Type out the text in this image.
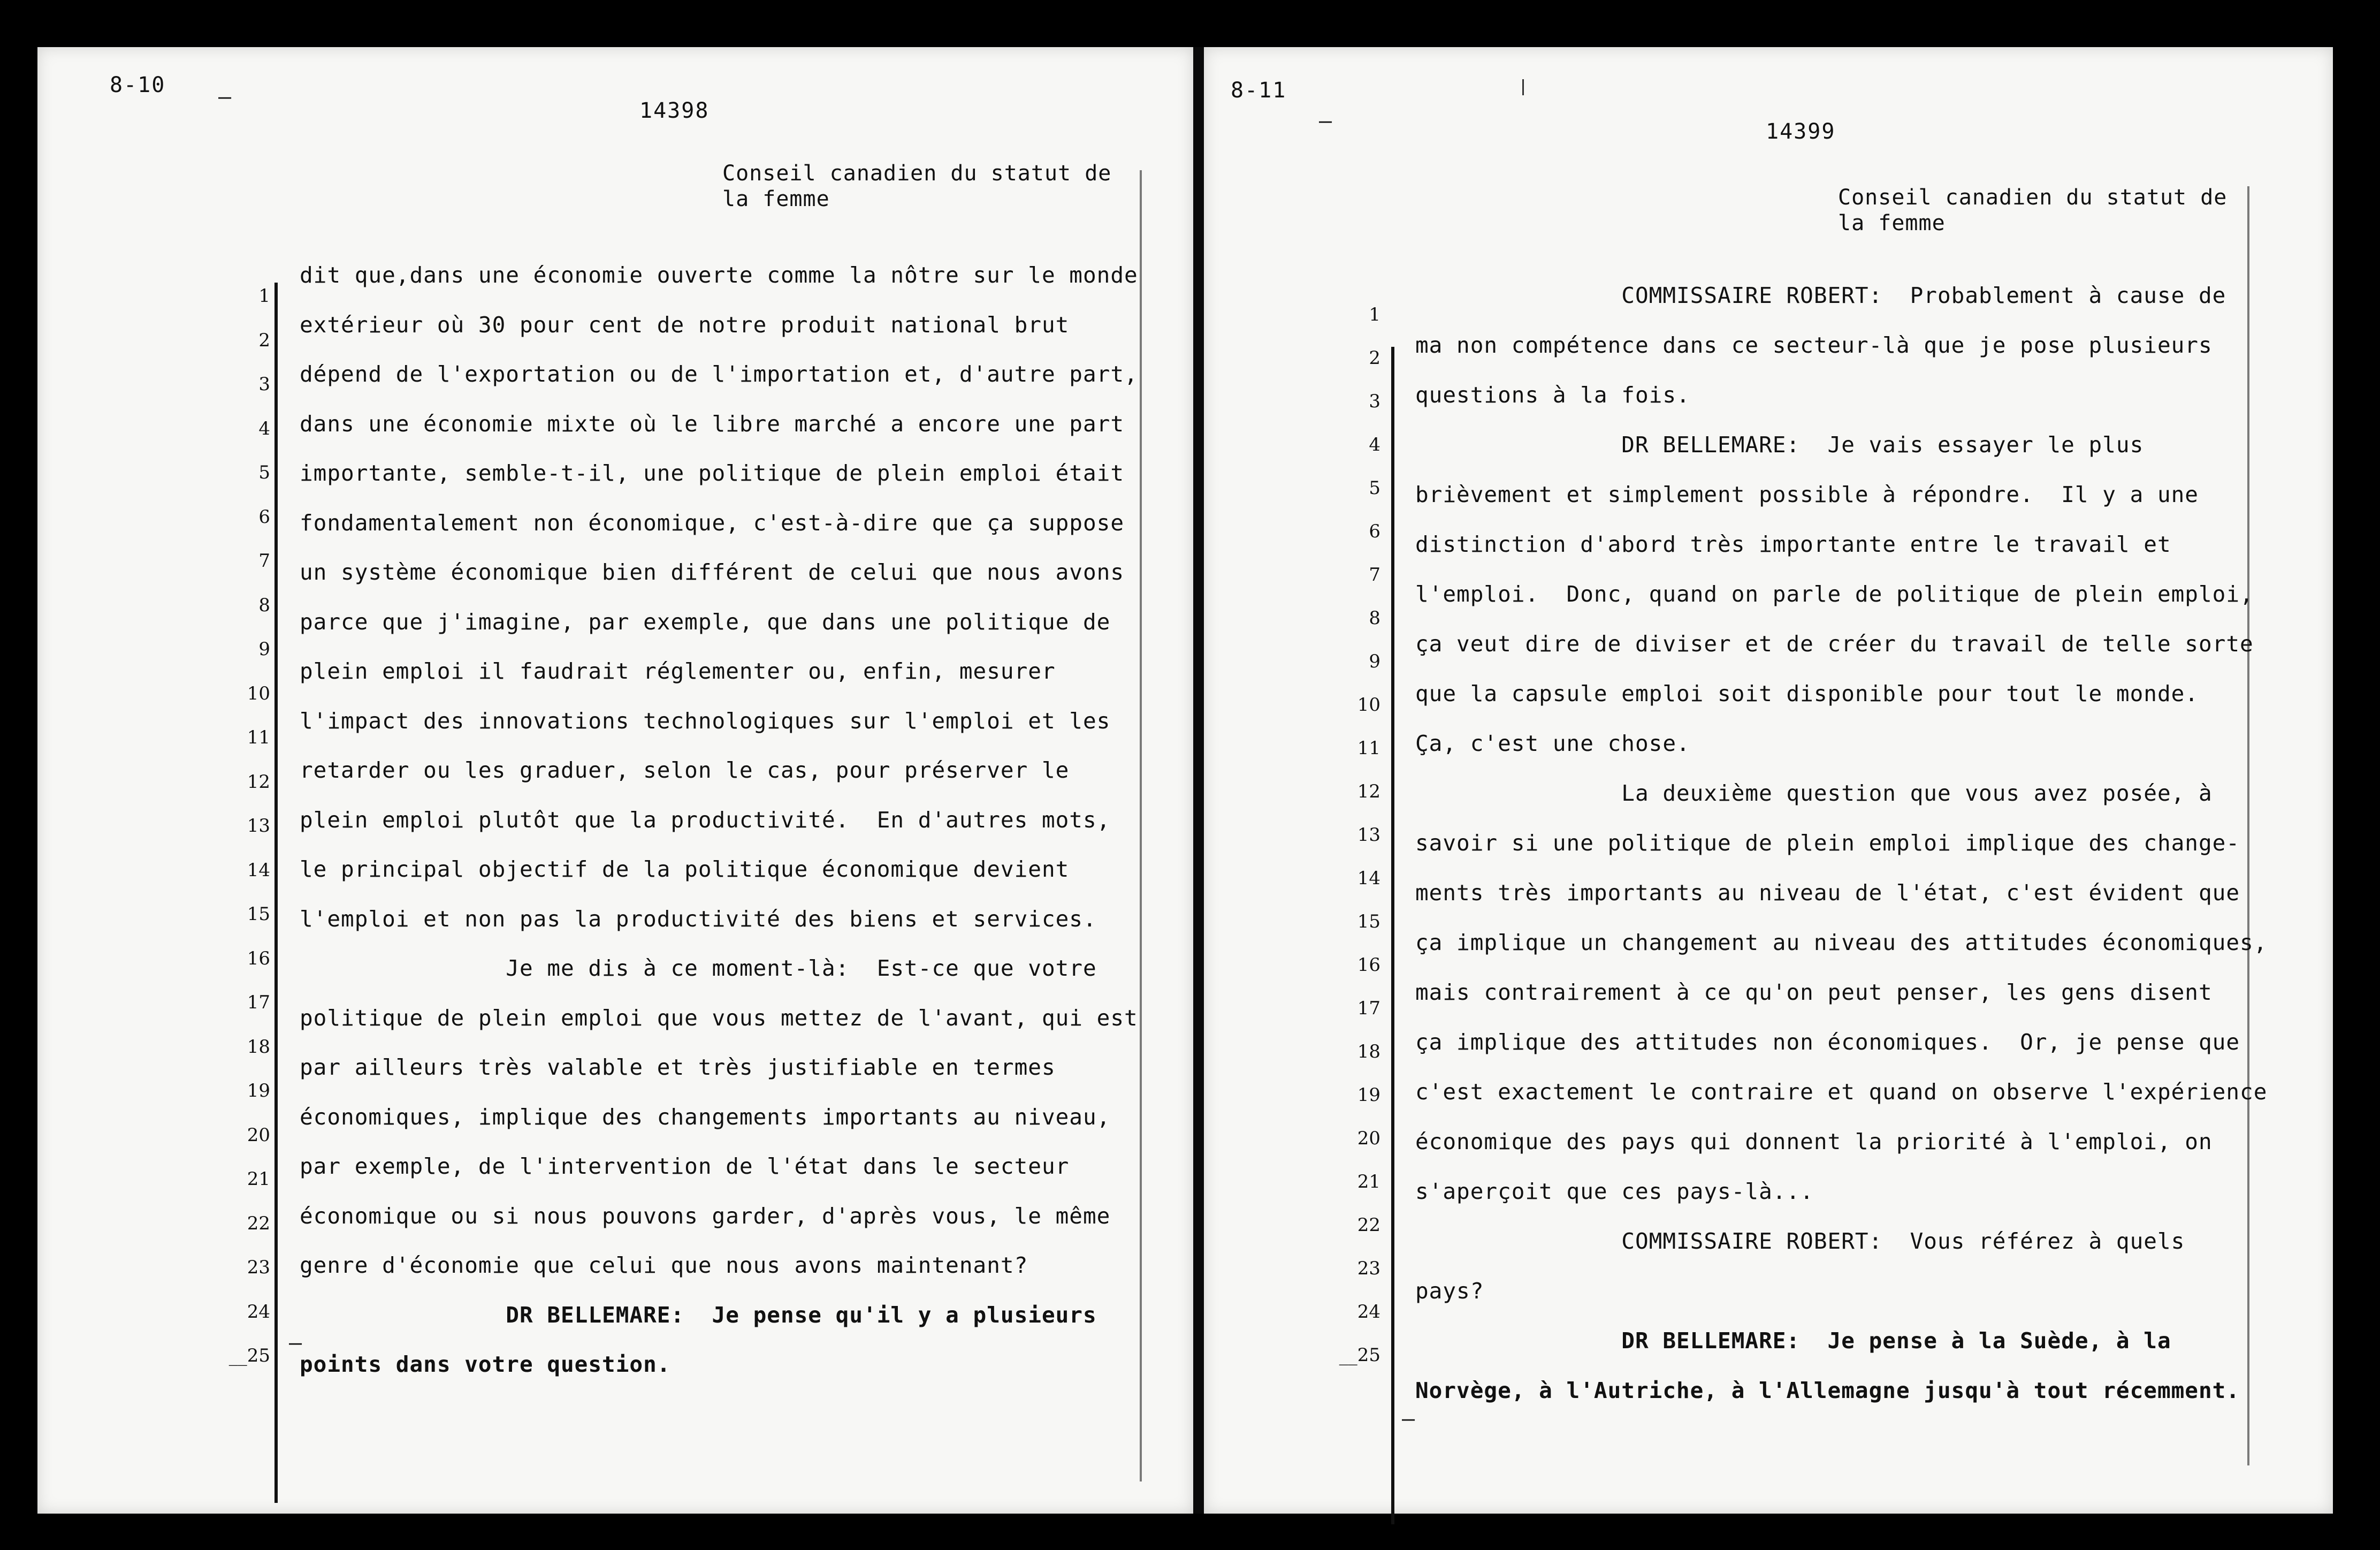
8-10 –
14398
Conseil canadien du statut de
la femme
–
1
2
3
4
5
6
7
8
9
10
11
12
13
14
15
16
17
18
19
20
21
22
23
24
__25
dit que,dans une économie ouverte comme la nôtre sur le monde
extérieur où 30 pour cent de notre produit national brut
dépend de l'exportation ou de l'importation et, d'autre part,
dans une économie mixte où le libre marché a encore une part
importante, semble-t-il, une politique de plein emploi était
fondamentalement non économique, c'est-à-dire que ça suppose
un système économique bien différent de celui que nous avons
parce que j'imagine, par exemple, que dans une politique de
plein emploi il faudrait réglementer ou, enfin, mesurer
l'impact des innovations technologiques sur l'emploi et les
retarder ou les graduer, selon le cas, pour préserver le
plein emploi plutôt que la productivité.  En d'autres mots,
le principal objectif de la politique économique devient
l'emploi et non pas la productivité des biens et services.
Je me dis à ce moment-là:  Est-ce que votre
politique de plein emploi que vous mettez de l'avant, qui est
par ailleurs très valable et très justifiable en termes
économiques, implique des changements importants au niveau,
par exemple, de l'intervention de l'état dans le secteur
économique ou si nous pouvons garder, d'après vous, le même
genre d'économie que celui que nous avons maintenant?
DR BELLEMARE:  Je pense qu'il y a plusieurs
points dans votre question.
8-11
–	14399
Conseil canadien du statut de
la femme
–
1
2
3
4
5
6
7
8
9
10
11
12
13
14
15
16
17
18
19
20
21
22
23
24
__25
COMMISSAIRE ROBERT:  Probablement à cause de
ma non compétence dans ce secteur-là que je pose plusieurs
questions à la fois.
DR BELLEMARE:  Je vais essayer le plus
brièvement et simplement possible à répondre.  Il y a une
distinction d'abord très importante entre le travail et
l'emploi.  Donc, quand on parle de politique de plein emploi,
ça veut dire de diviser et de créer du travail de telle sorte
que la capsule emploi soit disponible pour tout le monde.
Ça, c'est une chose.
La deuxième question que vous avez posée, à
savoir si une politique de plein emploi implique des change-
ments très importants au niveau de l'état, c'est évident que
ça implique un changement au niveau des attitudes économiques,
mais contrairement à ce qu'on peut penser, les gens disent
ça implique des attitudes non économiques.  Or, je pense que
c'est exactement le contraire et quand on observe l'expérience
économique des pays qui donnent la priorité à l'emploi, on
s'aperçoit que ces pays-là...
COMMISSAIRE ROBERT:  Vous référez à quels
pays?
DR BELLEMARE:  Je pense à la Suède, à la
Norvège, à l'Autriche, à l'Allemagne jusqu'à tout récemment.
